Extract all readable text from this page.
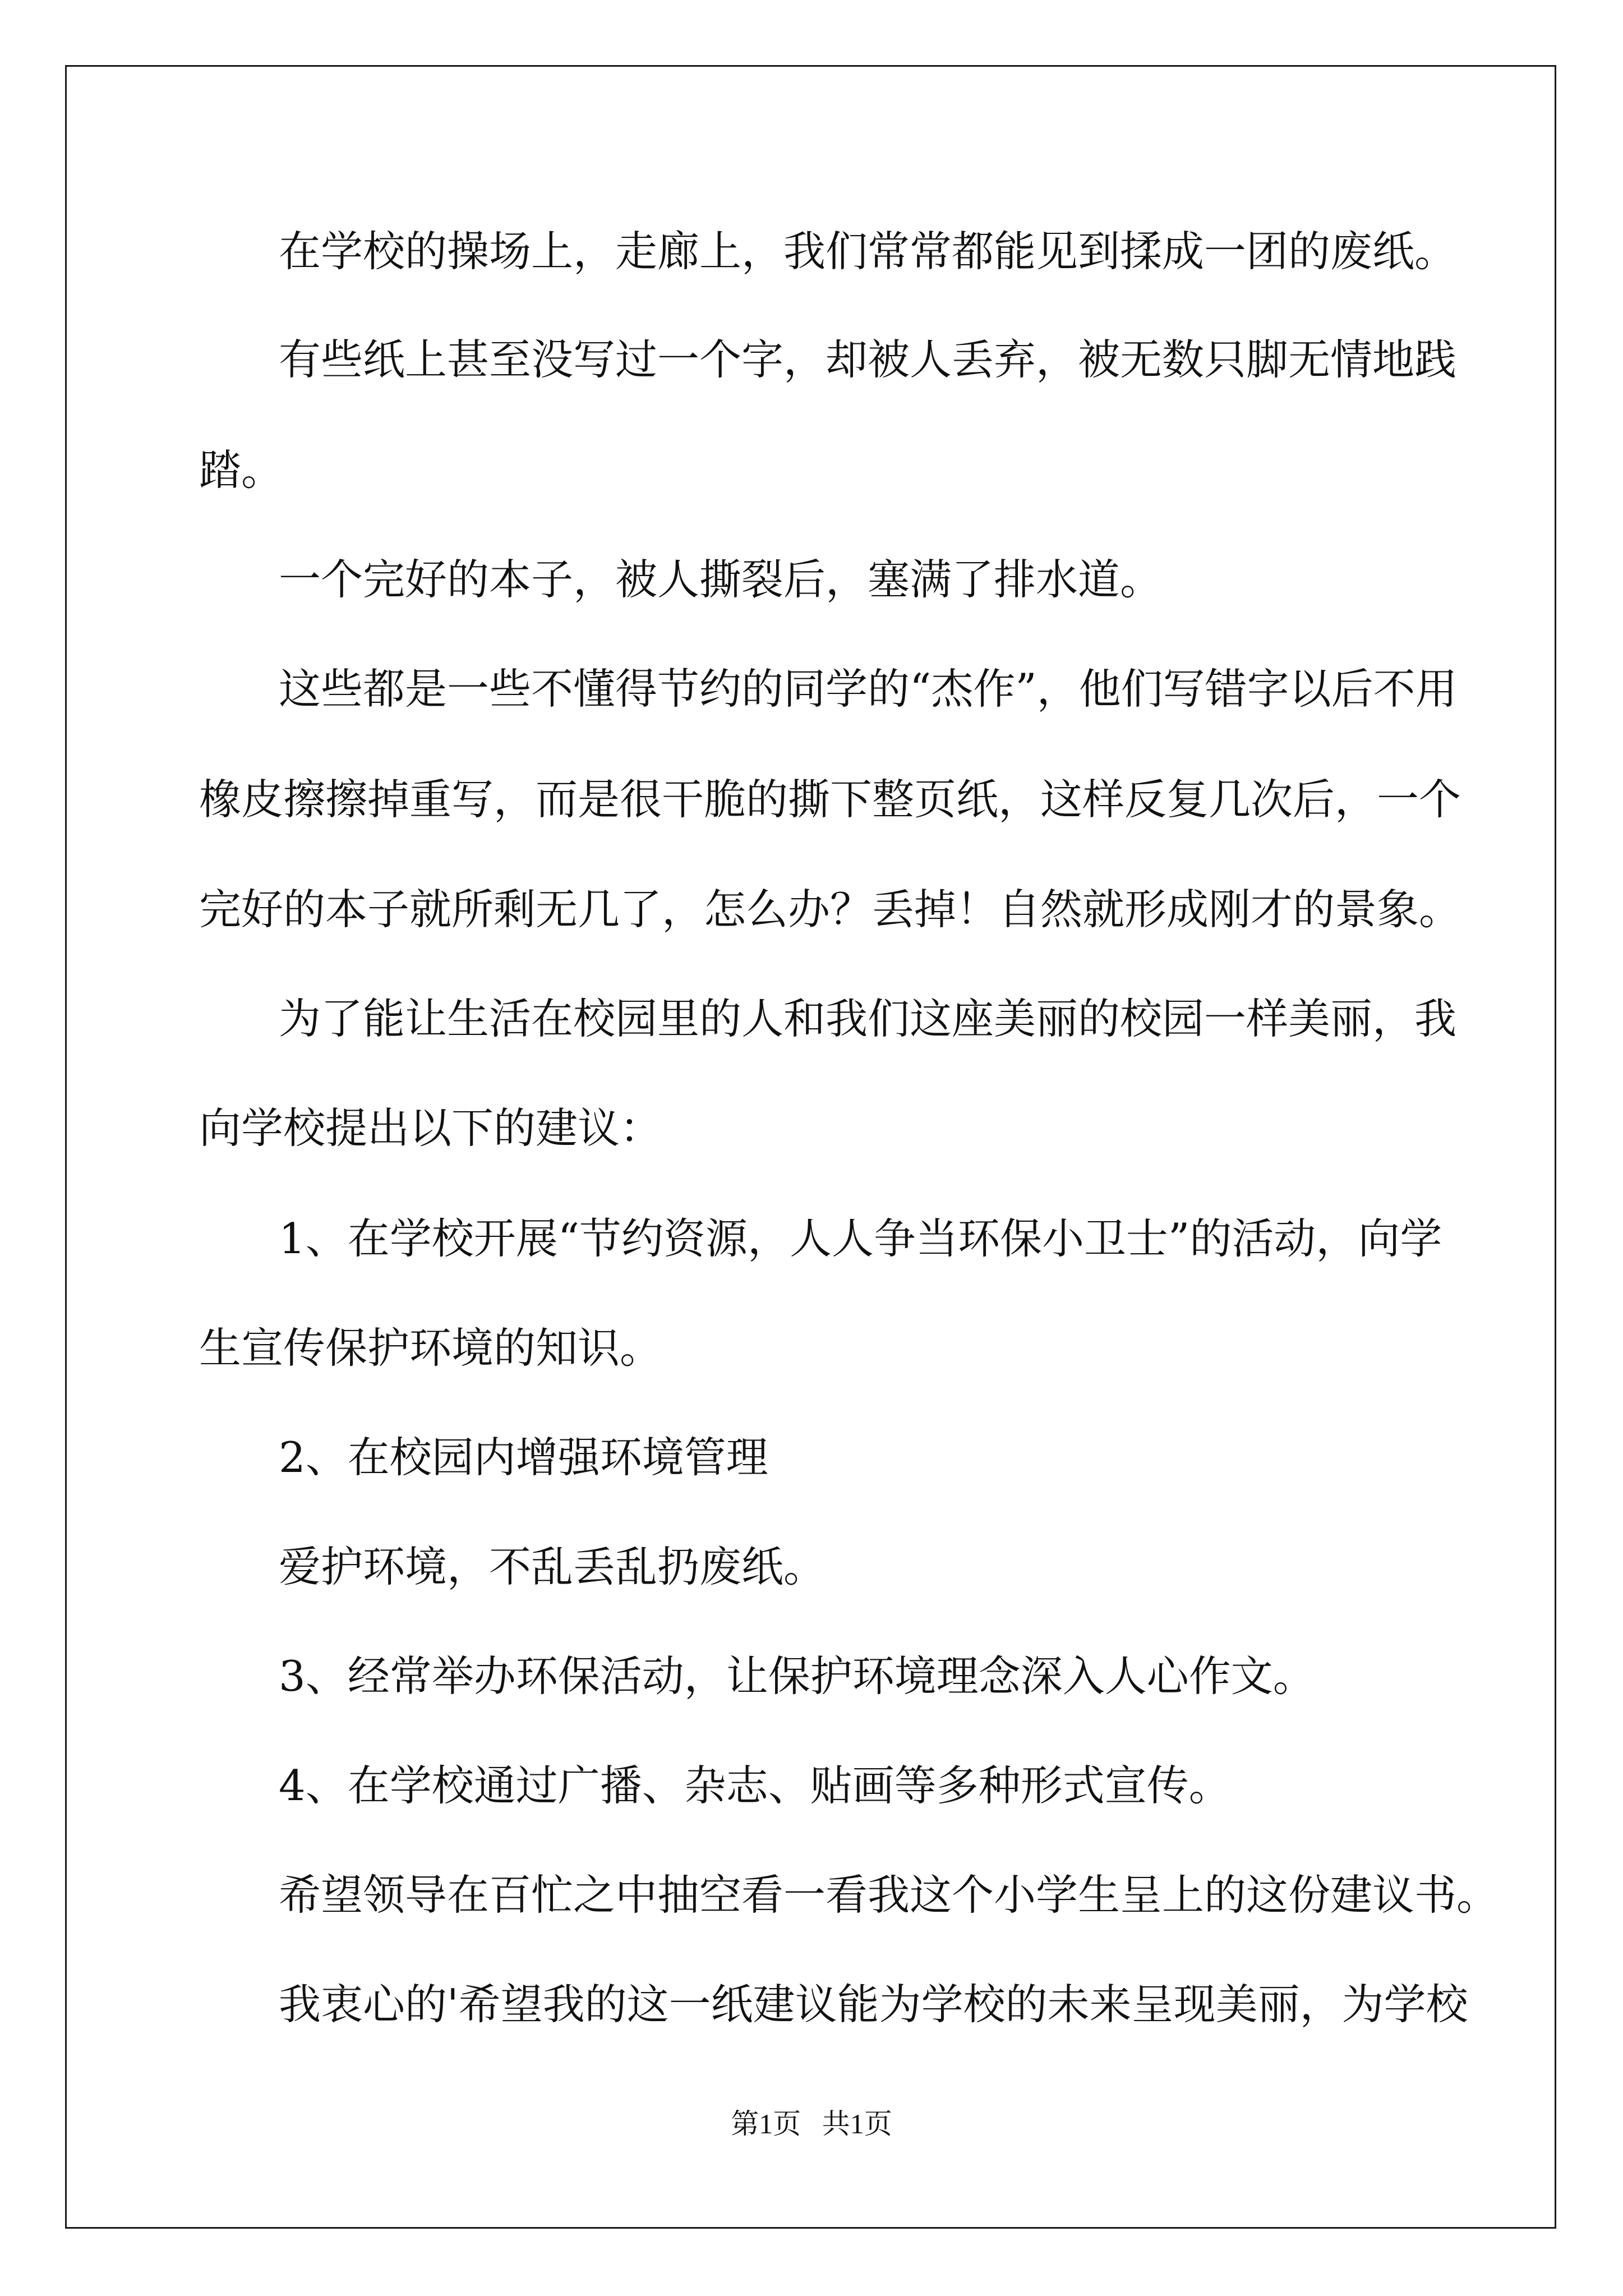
在学校的操场上，走廊上，我们常常都能见到揉成一团的废纸。
有些纸上甚至没写过一个字，却被人丢弃，被无数只脚无情地践
踏。
一个完好的本子，被人撕裂后，塞满了排水道。
这些都是一些不懂得节约的同学的“杰作”，他们写错字以后不用
橡皮擦擦掉重写，而是很干脆的撕下整页纸，这样反复几次后，一个
完好的本子就所剩无几了，怎么办？丢掉！自然就形成刚才的景象。
为了能让生活在校园里的人和我们这座美丽的校园一样美丽，我
向学校提出以下的建议：
1、在学校开展“节约资源，人人争当环保小卫士”的活动，向学
生宣传保护环境的知识。
2、在校园内增强环境管理
爱护环境，不乱丢乱扔废纸。
3、经常举办环保活动，让保护环境理念深入人心作文。
4、在学校通过广播、杂志、贴画等多种形式宣传。
希望领导在百忙之中抽空看一看我这个小学生呈上的这份建议书。
我衷心的'希望我的这一纸建议能为学校的未来呈现美丽，为学校
第1页 共1页
